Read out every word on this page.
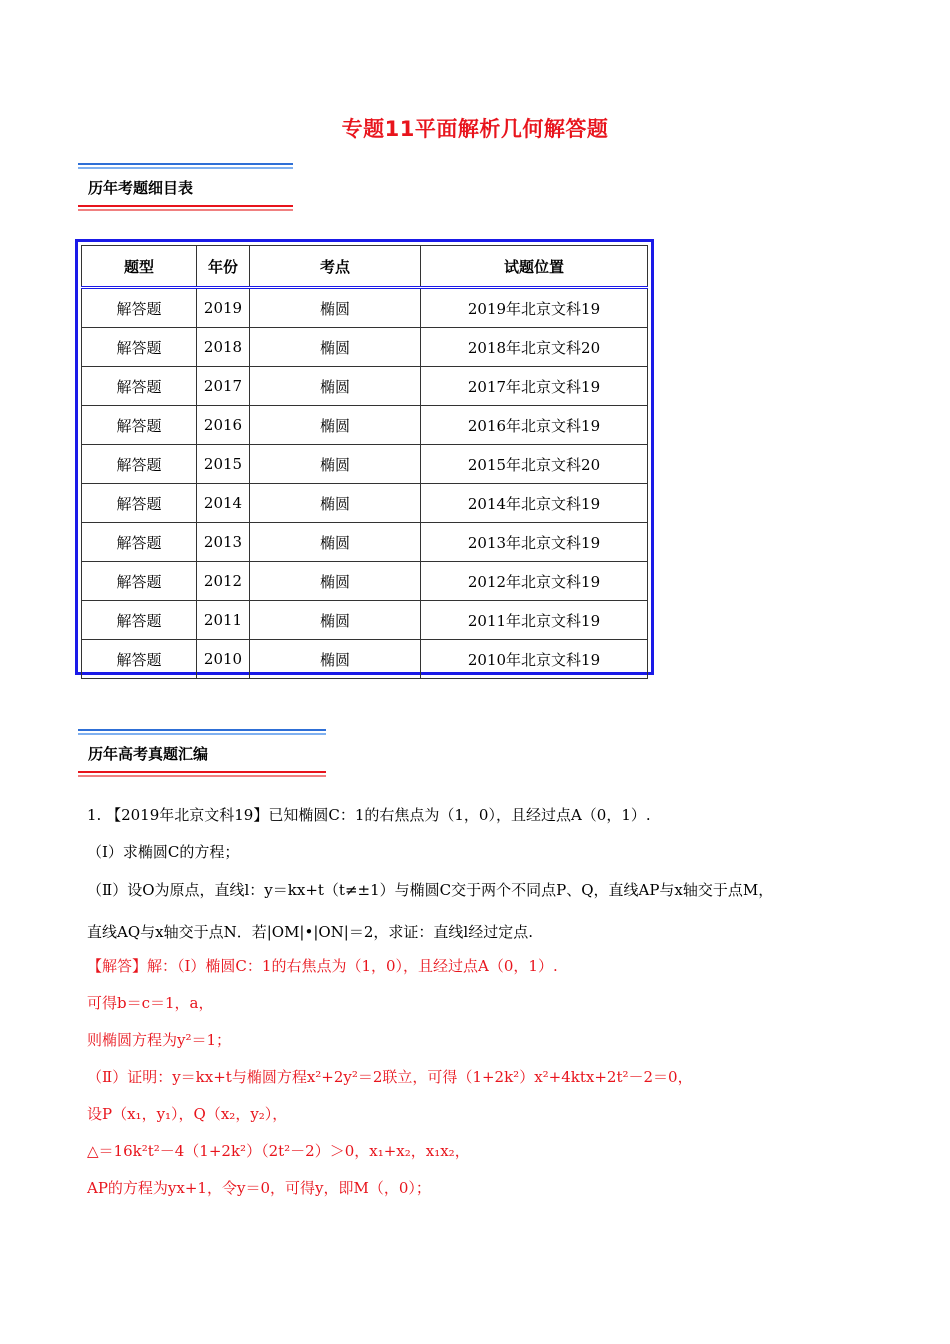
专题11平面解析几何解答题
历年考题细目表
题型	年份	考点	试题位置
解答题	2019	椭圆	2019年北京文科19
解答题	2018	椭圆	2018年北京文科20
解答题	2017	椭圆	2017年北京文科19
解答题	2016	椭圆	2016年北京文科19
解答题	2015	椭圆	2015年北京文科20
解答题	2014	椭圆	2014年北京文科19
解答题	2013	椭圆	2013年北京文科19
解答题	2012	椭圆	2012年北京文科19
解答题	2011	椭圆	2011年北京文科19
解答题	2010	椭圆	2010年北京文科19
历年高考真题汇编
1. 【2019年北京文科19】已知椭圆C：1的右焦点为（1，0），且经过点A（0，1）.
（Ⅰ）求椭圆C的方程；
（Ⅱ）设O为原点，直线l：y＝kx+t（t≠±1）与椭圆C交于两个不同点P、Q，直线AP与x轴交于点M，
直线AQ与x轴交于点N．若|OM|•|ON|＝2，求证：直线l经过定点.
【解答】解：（Ⅰ）椭圆C：1的右焦点为（1，0），且经过点A（0，1）.
可得b＝c＝1，a，
则椭圆方程为y²＝1；
（Ⅱ）证明：y＝kx+t与椭圆方程x²+2y²＝2联立，可得（1+2k²）x²+4ktx+2t²－2＝0，
设P（x₁，y₁），Q（x₂，y₂），
△＝16k²t²－4（1+2k²）（2t²－2）＞0，x₁+x₂，x₁x₂，
AP的方程为yx+1，令y＝0，可得y，即M（，0）；
